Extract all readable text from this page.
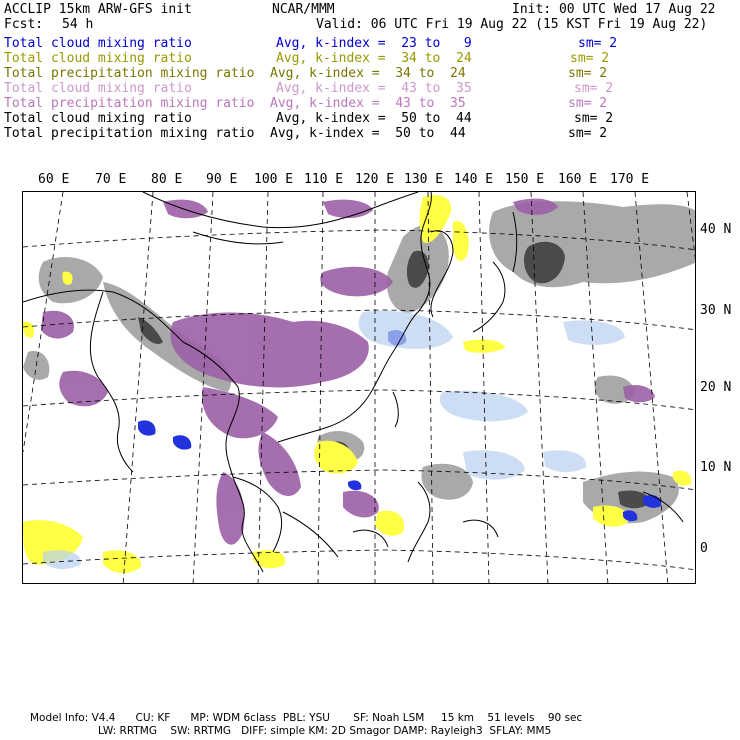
ACCLIP 15km ARW-GFS init	NCAR/MMM	Init: 00 UTC Wed 17 Aug 22
Fcst: 54 h	Valid: 06 UTC Fri 19 Aug 22 (15 KST Fri 19 Aug 22)
Total cloud mixing ratio	Avg, k-index =  23 to   9	sm= 2
Total cloud mixing ratio	Avg, k-index =  34 to  24	sm= 2
Total precipitation mixing ratio Avg, k-index =  34 to  24	sm= 2
Total cloud mixing ratio	Avg, k-index =  43 to  35	sm= 2
Total precipitation mixing ratio Avg, k-index =  43 to  35	sm= 2
Total cloud mixing ratio	Avg, k-index =  50 to  44	sm= 2
Total precipitation mixing ratio Avg, k-index =  50 to  44	sm= 2
60 E 70 E 80 E 90 E 100 E 110 E 120 E 130 E 140 E 150 E 160 E 170 E
40 N
30 N
20 N
10 N
0
Model Info: V4.4      CU: KF      MP: WDM 6class  PBL: YSU       SF: Noah LSM     15 km    51 levels    90 sec
LW: RRTMG    SW: RRTMG   DIFF: simple KM: 2D Smagor DAMP: Rayleigh3  SFLAY: MM5
